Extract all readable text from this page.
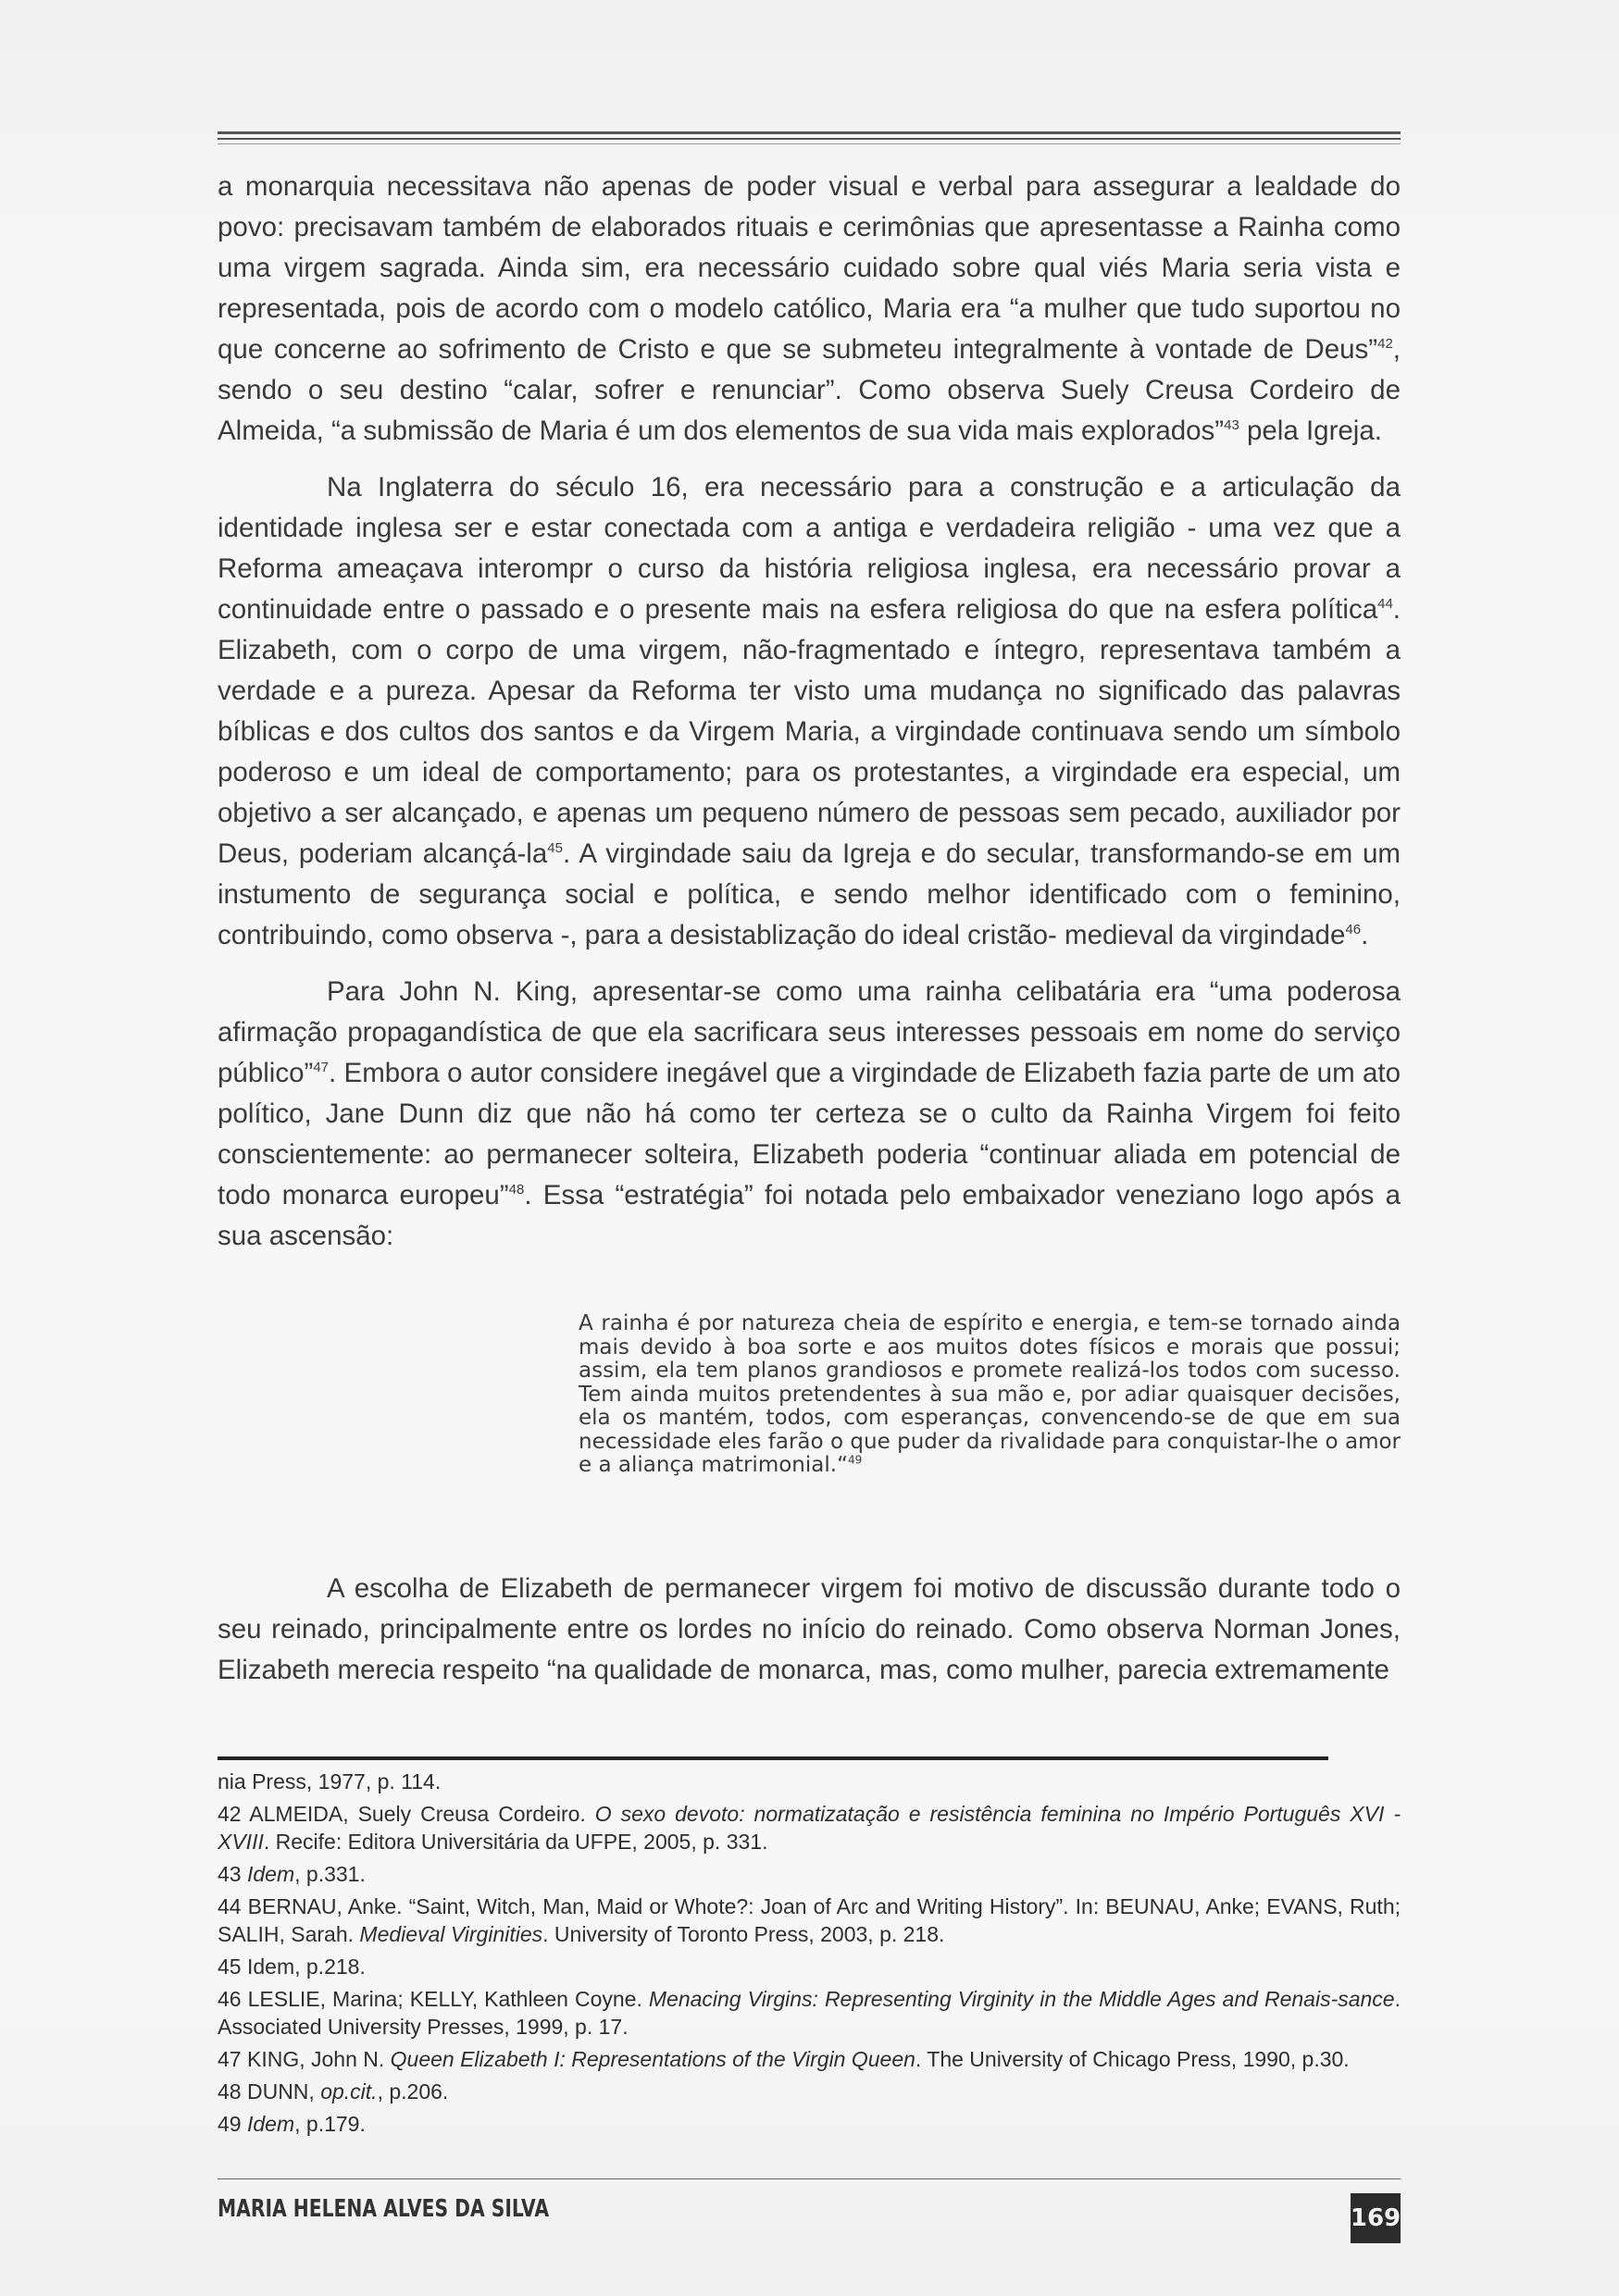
a monarquia necessitava não apenas de poder visual e verbal para assegurar a lealdade do povo: precisavam também de elaborados rituais e cerimônias que apresentasse a Rainha como uma virgem sagrada. Ainda sim, era necessário cuidado sobre qual viés Maria seria vista e representada, pois de acordo com o modelo católico, Maria era “a mulher que tudo suportou no que concerne ao sofrimento de Cristo e que se submeteu integralmente à vontade de Deus”$^{42}$, sendo o seu destino “calar, sofrer e renunciar”. Como observa Suely Creusa Cordeiro de Almeida, “a submissão de Maria é um dos elementos de sua vida mais explorados”$^{43}$ pela Igreja.

Na Inglaterra do século 16, era necessário para a construção e a articulação da identidade inglesa ser e estar conectada com a antiga e verdadeira religião - uma vez que a Reforma ameaçava interompr o curso da história religiosa inglesa, era necessário provar a continuidade entre o passado e o presente mais na esfera religiosa do que na esfera política$^{44}$. Elizabeth, com o corpo de uma virgem, não-fragmentado e íntegro, representava também a verdade e a pureza. Apesar da Reforma ter visto uma mudança no significado das palavras bíblicas e dos cultos dos santos e da Virgem Maria, a virgindade continuava sendo um símbolo poderoso e um ideal de comportamento; para os protestantes, a virgindade era especial, um objetivo a ser alcançado, e apenas um pequeno número de pessoas sem pecado, auxiliador por Deus, poderiam alcançá-$la^{45}$. A virgindade saiu da Igreja e do secular, transformando-se em um instumento de segurança social e política, e sendo melhor identificado com o feminino, contribuindo, como observa -, para a desistablização do ideal cristão- medieval da virgindade$^{46}$.

Para John N. King, apresentar-se como uma rainha celibatária era “uma poderosa afirmação propagandística de que ela sacrificara seus interesses pessoais em nome do serviço público”$^{47}$. Embora o autor considere inegável que a virgindade de Elizabeth fazia parte de um ato político, Jane Dunn diz que não há como ter certeza se o culto da Rainha Virgem foi feito conscientemente: ao permanecer solteira, Elizabeth poderia “continuar aliada em potencial de todo monarca europeu”$^{48}$. Essa “estratégia” foi notada pelo embaixador veneziano logo após a sua ascensão:

A rainha é por natureza cheia de espírito e energia, e tem-se tornado ainda mais devido à boa sorte e aos muitos dotes físicos e morais que possui; assim, ela tem planos grandiosos e promete realizá-los todos com sucesso. Tem ainda muitos pretendentes à sua mão e, por adiar quaisquer decisões, ela os mantém, todos, com esperanças, convencendo-se de que em sua necessidade eles farão o que puder da rivalidade para conquistar-lhe o amor e a aliança matrimonial.“$^{49}$

A escolha de Elizabeth de permanecer virgem foi motivo de discussão durante todo o seu reinado, principalmente entre os lordes no início do reinado. Como observa Norman Jones, Elizabeth merecia respeito “na qualidade de monarca, mas, como mulher, parecia extremamente

nia Press, 1977, p. 114.

42 ALMEIDA, Suely Creusa Cordeiro. O sexo devoto: normatizatação e resistência feminina no Império Português XVI - XVIII. Recife: Editora Universitária da UFPE, 2005, p. 331.

43 Idem, p.331.

44 BERNAU, Anke. “Saint, Witch, Man, Maid or Whote?: Joan of Arc and Writing History”. In: BEUNAU, Anke; EVANS, Ruth; SALIH, Sarah. Medieval Virginities. University of Toronto Press, 2003, p. 218.

45 Idem, p.218.

46 LESLIE, Marina; KELLY, Kathleen Coyne. Menacing Virgins: Representing Virginity in the Middle Ages and Renais-sance. Associated University Presses, 1999, p. 17.

47 KING, John N. Queen Elizabeth I: Representations of the Virgin Queen. The University of Chicago Press, 1990, p.30.

48 DUNN, op.cit., p.206.

49 Idem, p.179.

MARIA HELENA ALVES DA SILVA	169
